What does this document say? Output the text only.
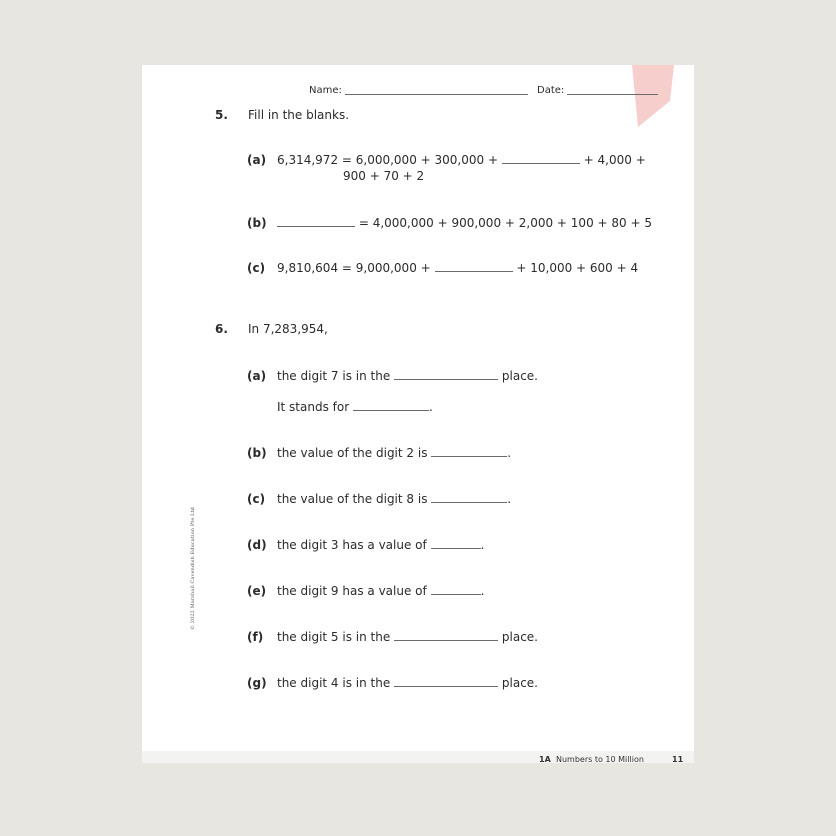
Name:	Date:
5. Fill in the blanks.
(a) 6,314,972 = 6,000,000 + 300,000 +	+ 4,000 +
900 + 70 + 2
(b)	= 4,000,000 + 900,000 + 2,000 + 100 + 80 + 5
(c) 9,810,604 = 9,000,000 +	+ 10,000 + 600 + 4
6. In 7,283,954,
(a) the digit 7 is in the	place.
It stands for	.
(b) the value of the digit 2 is	.
(c) the value of the digit 8 is	.
(d) the digit 3 has a value of	.
(e) the digit 9 has a value of	.
(f) the digit 5 is in the	place.
(g) the digit 4 is in the	place.
© 2022 Marshall Cavendish Education Pte Ltd
1A Numbers to 10 Million	11
